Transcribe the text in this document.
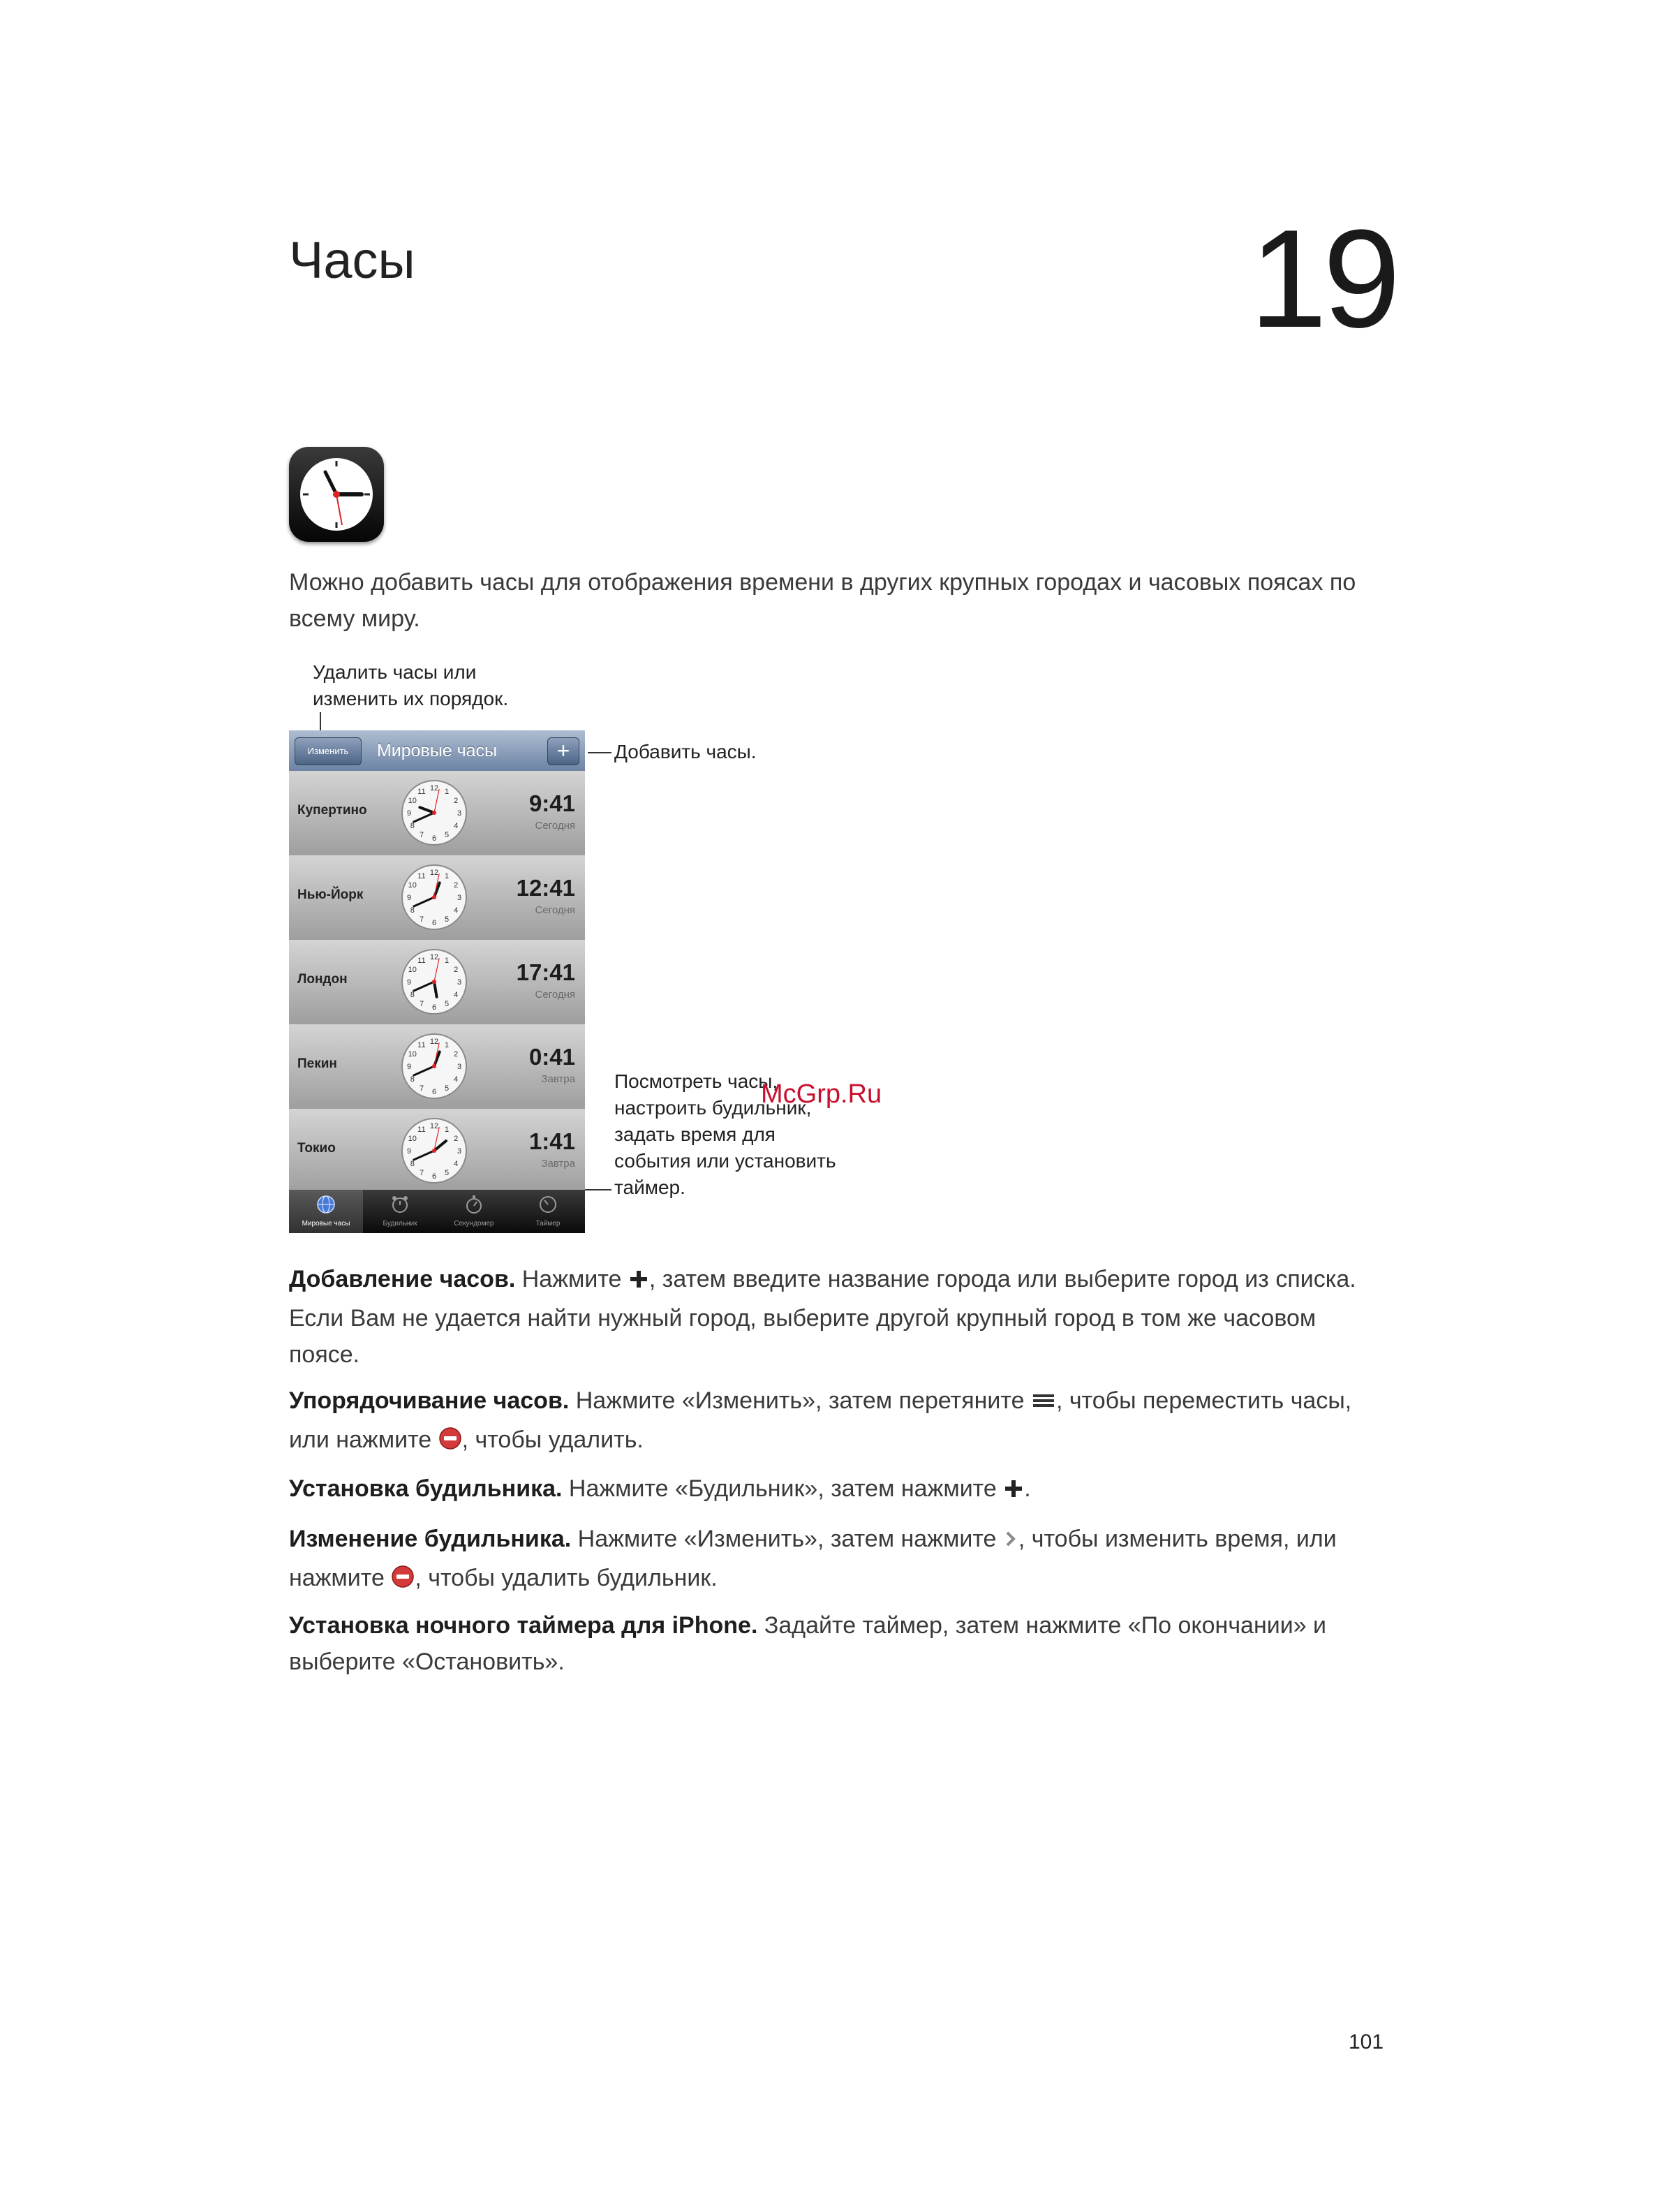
Часы	19
Можно добавить часы для отображения времени в других крупных городах и часовых поясах по всему миру.
Удалить часы или изменить их порядок.
Добавить часы.
Посмотреть часы, настроить будильник, задать время для события или установить таймер.
Мировые часы
Изменить	+
Купертино
1
2
3
4
5
6
7
8
9
10
11 12
9:41
Сегодня
Нью-Йорк
1
2
3
4
5
6
7
8
9
10
11 12
12:41
Сегодня
Лондон
1
2
3
4
5
6
7
8
9
10
11 12
17:41
Сегодня
Пекин
1
2
3
4
5
6
7
8
9
10
11 12
0:41
Завтра
Токио
1
2
3
4
5
6
7
8
9
10
11 12
1:41
Завтра
Мировые часы	Будильник	Секундомер	Таймер
Добавление часов. Нажмите , затем введите название города или выберите город из списка. Если Вам не удается найти нужный город, выберите другой крупный город в том же часовом поясе.
Упорядочивание часов. Нажмите «Изменить», затем перетяните , чтобы переместить часы, или нажмите , чтобы удалить.
Установка будильника. Нажмите «Будильник», затем нажмите .
Изменение будильника. Нажмите «Изменить», затем нажмите , чтобы изменить время, или нажмите , чтобы удалить будильник.
Установка ночного таймера для iPhone. Задайте таймер, затем нажмите «По окончании» и выберите «Остановить».
McGrp.Ru
101
